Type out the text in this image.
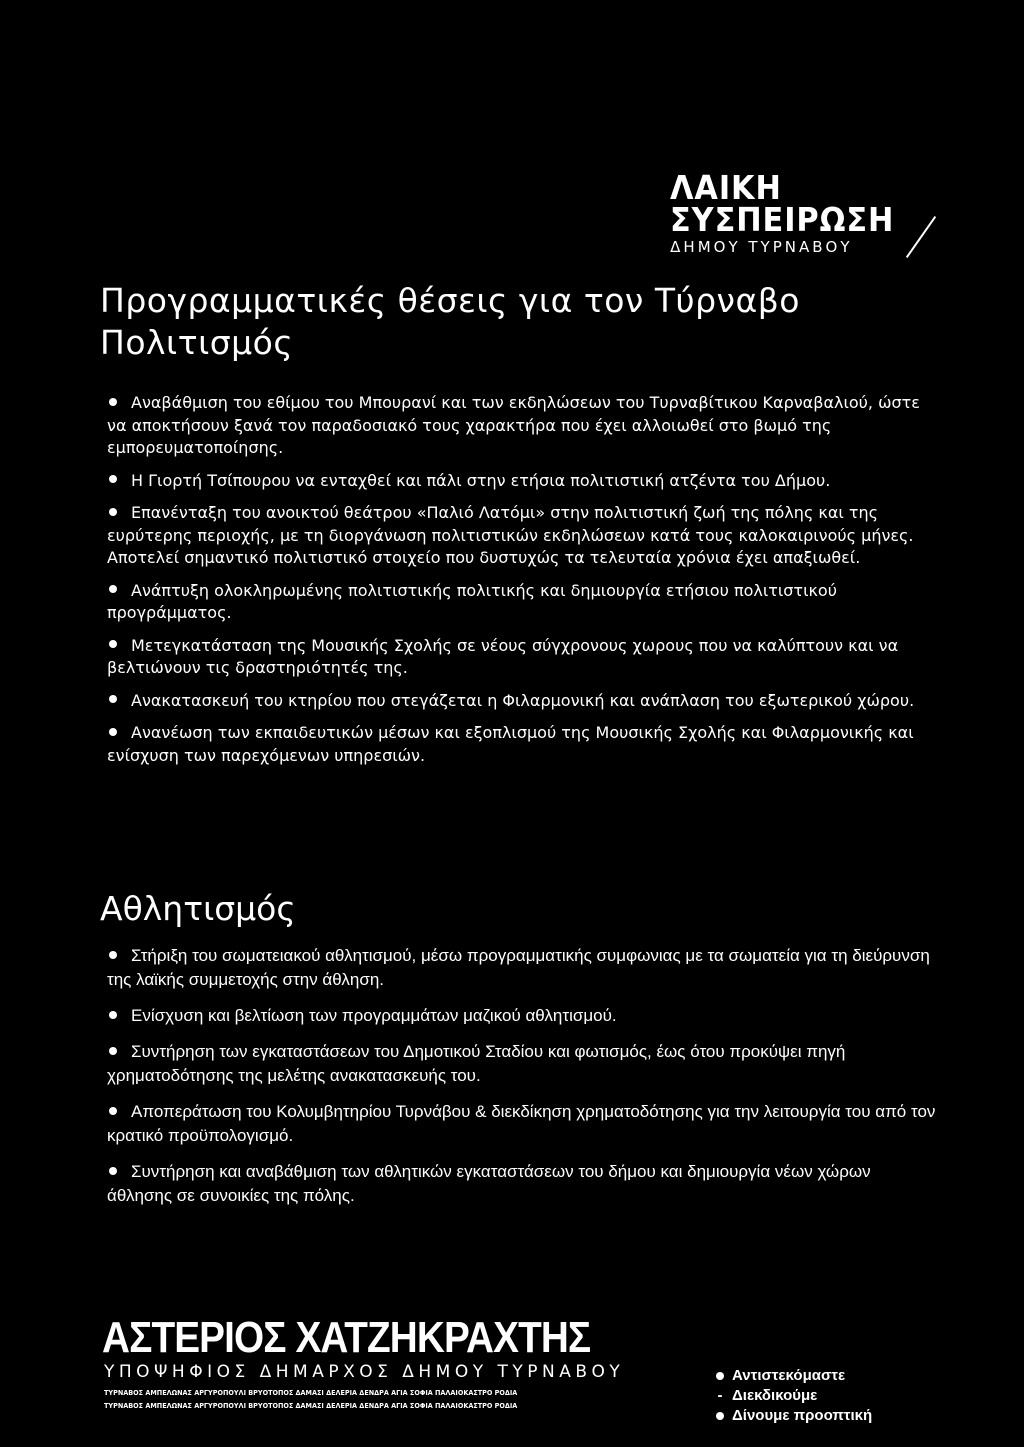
ΛΑΙΚΗ
ΣΥΣΠΕΙΡΩΣΗ
ΔΗΜΟΥ ΤΥΡΝΑΒΟΥ
Προγραμματικές θέσεις για τον Τύρναβο
Πολιτισμός
Αναβάθμιση του εθίμου του Μπουρανί και των εκδηλώσεων του Τυρναβίτικου Καρναβαλιού, ώστε να αποκτήσουν ξανά τον παραδοσιακό τους χαρακτήρα που έχει αλλοιωθεί στο βωμό της εμπορευματοποίησης.
Η Γιορτή Τσίπουρου να ενταχθεί και πάλι στην ετήσια πολιτιστική ατζέντα του Δήμου.
Επανένταξη του ανοικτού θεάτρου «Παλιό Λατόμι» στην πολιτιστική ζωή της πόλης και της ευρύτερης περιοχής, με τη διοργάνωση πολιτιστικών εκδηλώσεων κατά τους καλοκαιρινούς μήνες. Αποτελεί σημαντικό πολιτιστικό στοιχείο που δυστυχώς τα τελευταία χρόνια έχει απαξιωθεί.
Ανάπτυξη ολοκληρωμένης πολιτιστικής πολιτικής και δημιουργία ετήσιου πολιτιστικού προγράμματος.
Μετεγκατάσταση της Μουσικής Σχολής σε νέους σύγχρονους χωρους που να καλύπτουν και να βελτιώνουν τις δραστηριότητές της.
Ανακατασκευή του κτηρίου που στεγάζεται η Φιλαρμονική και ανάπλαση του εξωτερικού χώρου.
Ανανέωση των εκπαιδευτικών μέσων και εξοπλισμού της Μουσικής Σχολής και Φιλαρμονικής και ενίσχυση των παρεχόμενων υπηρεσιών.
Αθλητισμός
Στήριξη του σωματειακού αθλητισμού, μέσω προγραμματικής συμφωνιας με τα σωματεία για τη διεύρυνση της λαϊκής συμμετοχής στην άθληση.
Ενίσχυση και βελτίωση των προγραμμάτων μαζικού αθλητισμού.
Συντήρηση των εγκαταστάσεων του Δημοτικού Σταδίου και φωτισμός, έως ότου προκύψει πηγή χρηματοδότησης της μελέτης ανακατασκευής του.
Αποπεράτωση του Κολυμβητηρίου Τυρνάβου & διεκδίκηση χρηματοδότησης για την λειτουργία του από τον κρατικό προϋπολογισμό.
Συντήρηση και αναβάθμιση των αθλητικών εγκαταστάσεων του δήμου και δημιουργία νέων χώρων άθλησης σε συνοικίες της πόλης.
ΑΣΤΕΡΙΟΣ ΧΑΤΖΗΚΡΑΧΤΗΣ
ΥΠΟΨΗΦΙΟΣ ΔΗΜΑΡΧΟΣ ΔΗΜΟΥ ΤΥΡΝΑΒΟΥ
ΤΥΡΝΑΒΟΣ ΑΜΠΕΛΩΝΑΣ ΑΡΓΥΡΟΠΟΥΛΙ ΒΡΥΟΤΟΠΟΣ ΔΑΜΑΣΙ ΔΕΛΕΡΙΑ ΔΕΝΔΡΑ ΑΓΙΑ ΣΟΦΙΑ ΠΑΛΑΙΟΚΑΣΤΡΟ ΡΟΔΙΑ
ΤΥΡΝΑΒΟΣ ΑΜΠΕΛΩΝΑΣ ΑΡΓΥΡΟΠΟΥΛΙ ΒΡΥΟΤΟΠΟΣ ΔΑΜΑΣΙ ΔΕΛΕΡΙΑ ΔΕΝΔΡΑ ΑΓΙΑ ΣΟΦΙΑ ΠΑΛΑΙΟΚΑΣΤΡΟ ΡΟΔΙΑ
Αντιστεκόμαστε
- Διεκδικούμε
Δίνουμε προοπτική
